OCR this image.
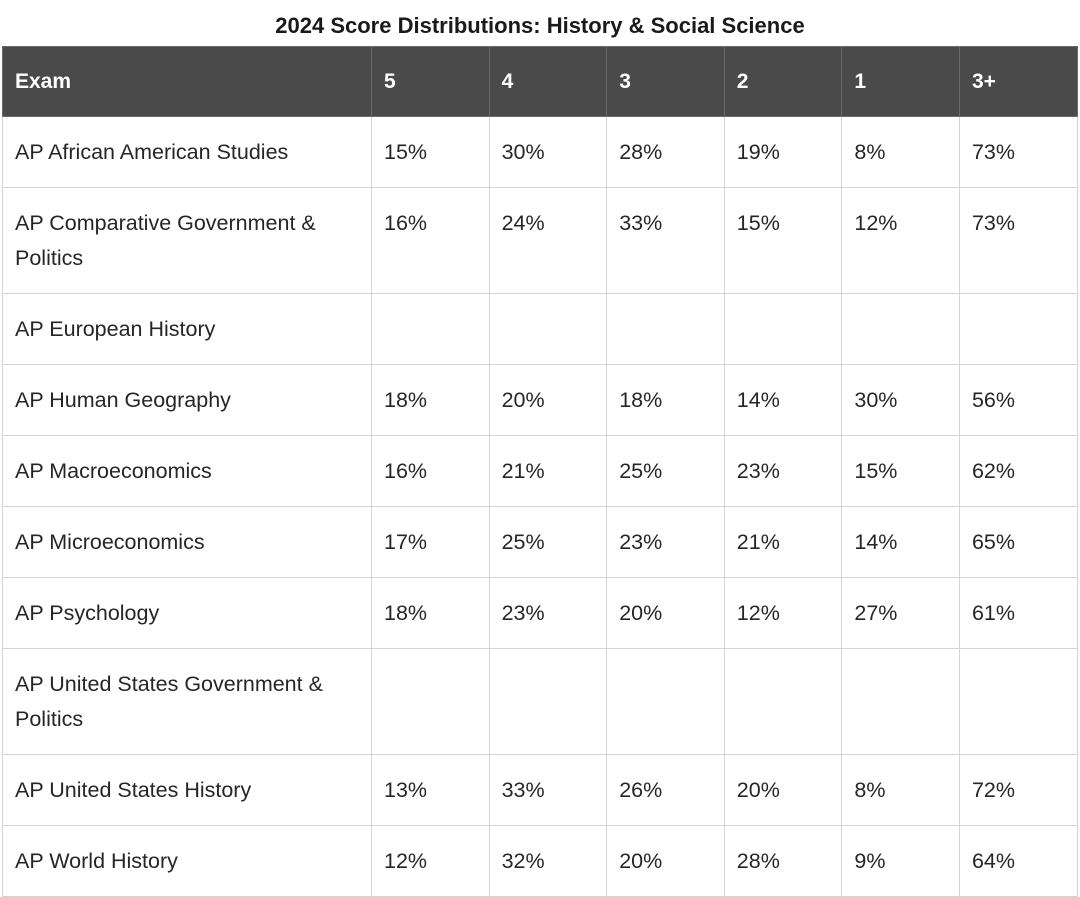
2024 Score Distributions: History & Social Science
Exam	5	4	3	2	1	3+
AP African American Studies	15%	30%	28%	19%	8%	73%
AP Comparative Government & Politics	16%	24%	33%	15%	12%	73%
AP European History						
AP Human Geography	18%	20%	18%	14%	30%	56%
AP Macroeconomics	16%	21%	25%	23%	15%	62%
AP Microeconomics	17%	25%	23%	21%	14%	65%
AP Psychology	18%	23%	20%	12%	27%	61%
AP United States Government & Politics						
AP United States History	13%	33%	26%	20%	8%	72%
AP World History	12%	32%	20%	28%	9%	64%
